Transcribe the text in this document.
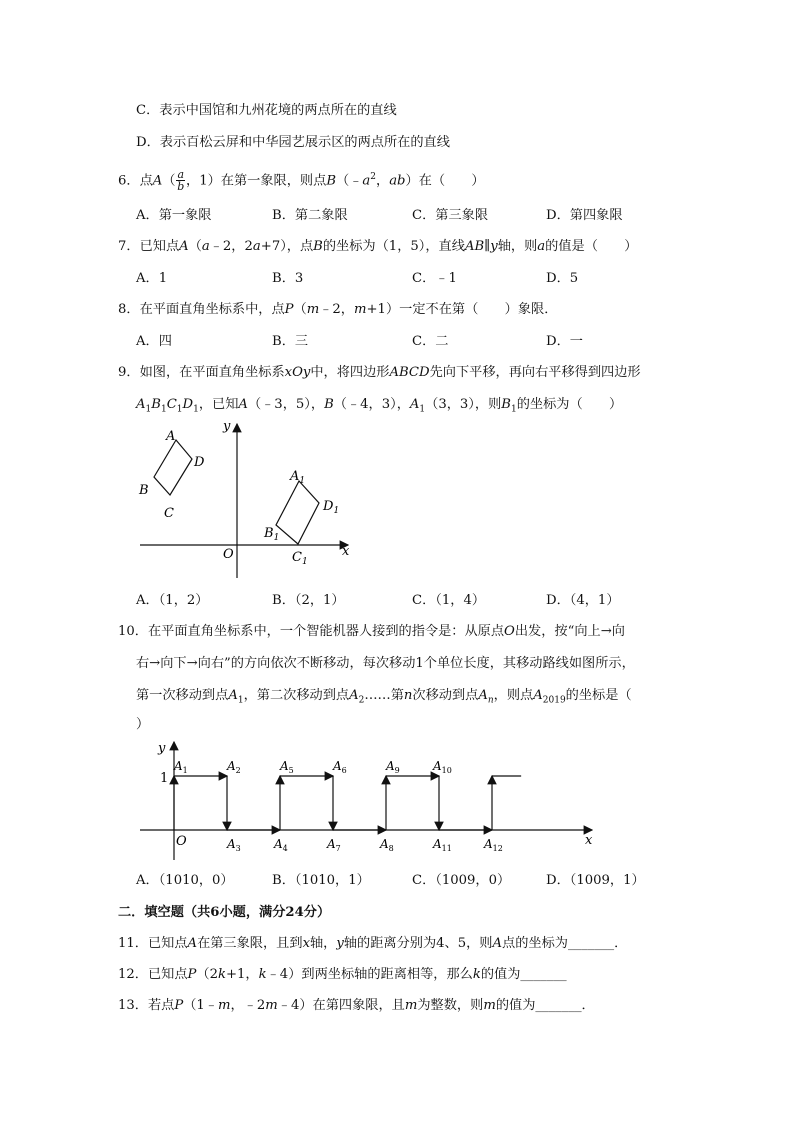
C．表示中国馆和九州花境的两点所在的直线
D．表示百松云屏和中华园艺展示区的两点所在的直线
6．点$A( \frac{a}{b}$ ，1）在第一象限，则点$B(﹣a^2$，ab）在（　　）
A．第一象限	B．第二象限	C．第三象限	D．第四象限
7．已知点A（a﹣2，2a+7），点B的坐标为（1，5），直线AB∥y轴，则a的值是（　　）
A．1	B．3	C．﹣1	D．5
8．在平面直角坐标系中，点P（m﹣2，m+1）一定不在第（　　）象限．
A．四	B．三	C．二	D．一
9．如图，在平面直角坐标系xOy中，将四边形ABCD先向下平移，再向右平移得到四边形
$A_1B_1C_1D_1$，已知A（﹣3，5），B（﹣4，3），$A_1(3$，3），则$B_1$的坐标为（　　）
y
x
O
A
D
B
C
$A_1$
$D_1$
$B_1$
$C_1$
A．（1，2）	B．（2，1）	C．（1，4）	D．（4，1）
10．在平面直角坐标系中，一个智能机器人接到的指令是：从原点O出发，按“向上→向
右→向下→向右”的方向依次不断移动，每次移动1个单位长度，其移动路线如图所示，
第一次移动到点$A_1$，第二次移动到点$A_2\dots\dots$第n次移动到点$A_n$，则点$A_{2019}$的坐标是（
）
y
x
1
O
$A_1$	$A_2$
$A_3$	$A_4$
$A_5$	$A_6$
$A_7$	$A_8$
$A_9$	$A_{10}$
$A_{11}$	$A_{12}$
A．（1010，0）	B．（1010，1）	C．（1009，0）	D．（1009，1）
二．填空题（共6小题，满分24分）
11．已知点A在第三象限，且到x轴，y轴的距离分别为4、5，则A点的坐标为_______．
12．已知点P（2k+1，k﹣4）到两坐标轴的距离相等，那么k的值为_______
13．若点P（1﹣m，﹣2m﹣4）在第四象限，且m为整数，则m的值为_______．
